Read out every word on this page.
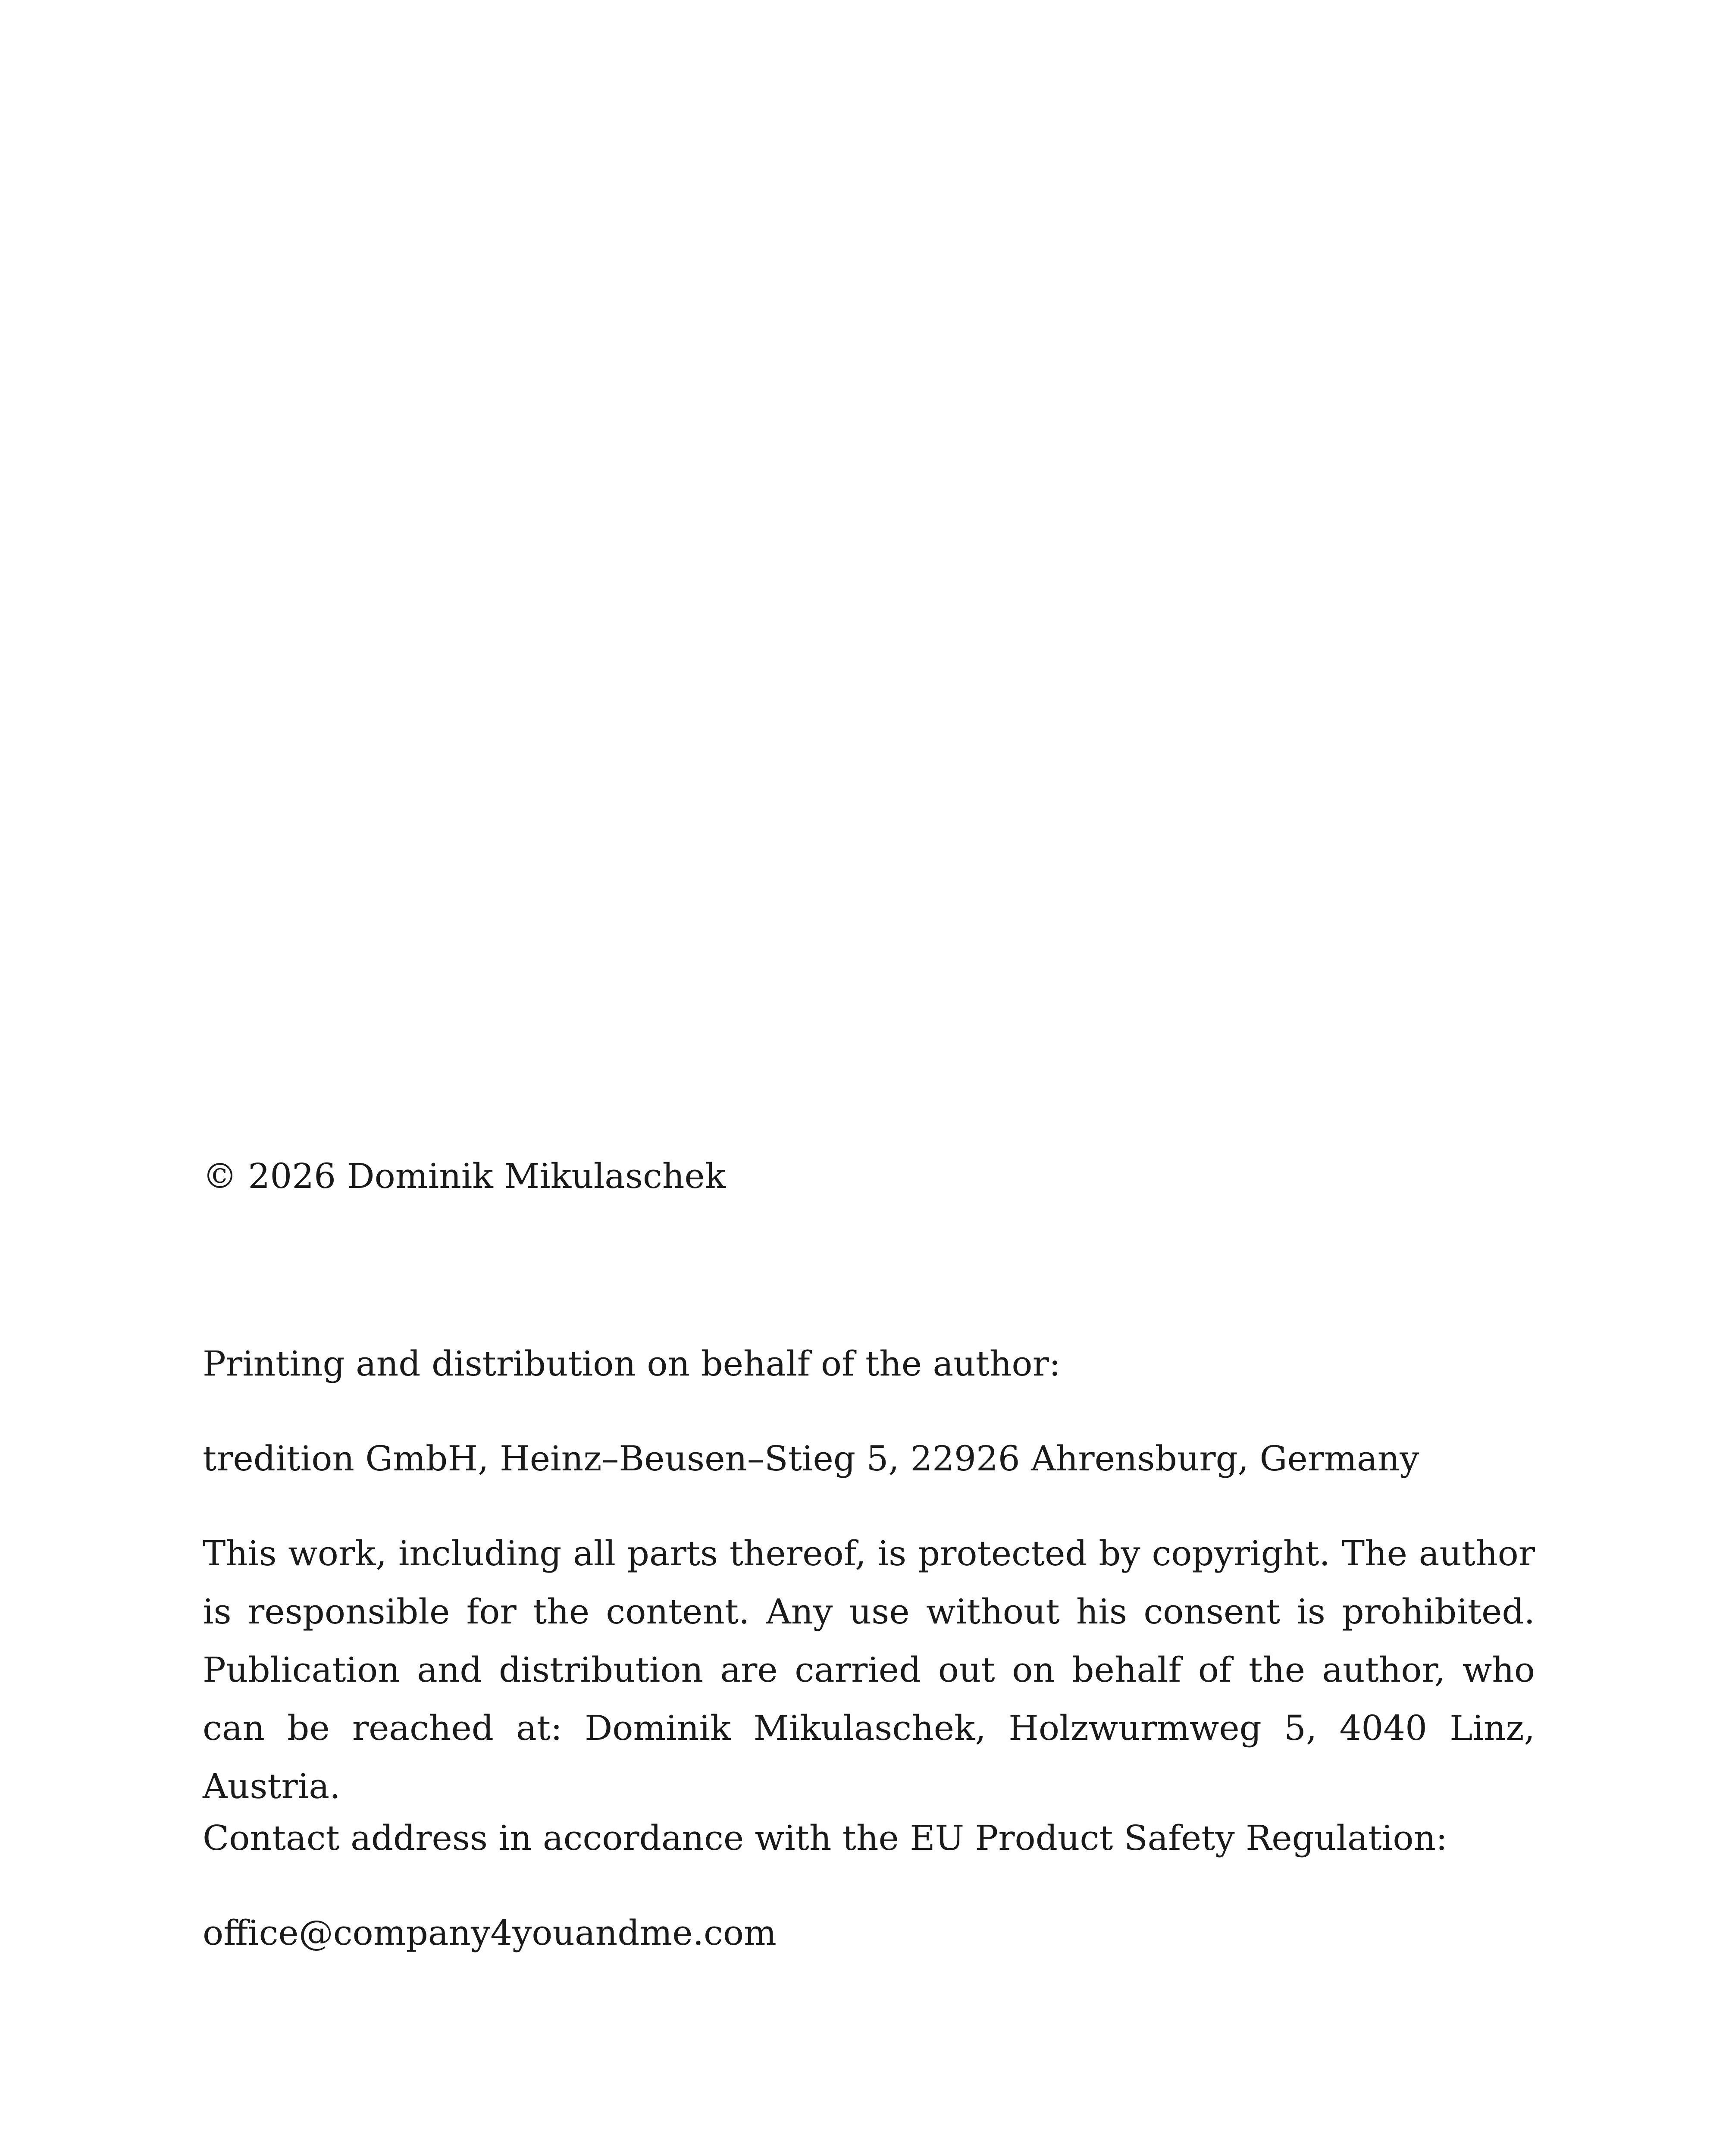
© 2026 Dominik Mikulaschek

Printing and distribution on behalf of the author:

tredition GmbH, Heinz–Beusen–Stieg 5, 22926 Ahrensburg, Germany

This work, including all parts thereof, is protected by copyright. The author is responsible for the content. Any use without his consent is prohibited. Publication and distribution are carried out on behalf of the author, who can be reached at: Dominik Mikulaschek, Holzwurmweg 5, 4040 Linz, Austria.

Contact address in accordance with the EU Product Safety Regulation:

office@company4youandme.com
